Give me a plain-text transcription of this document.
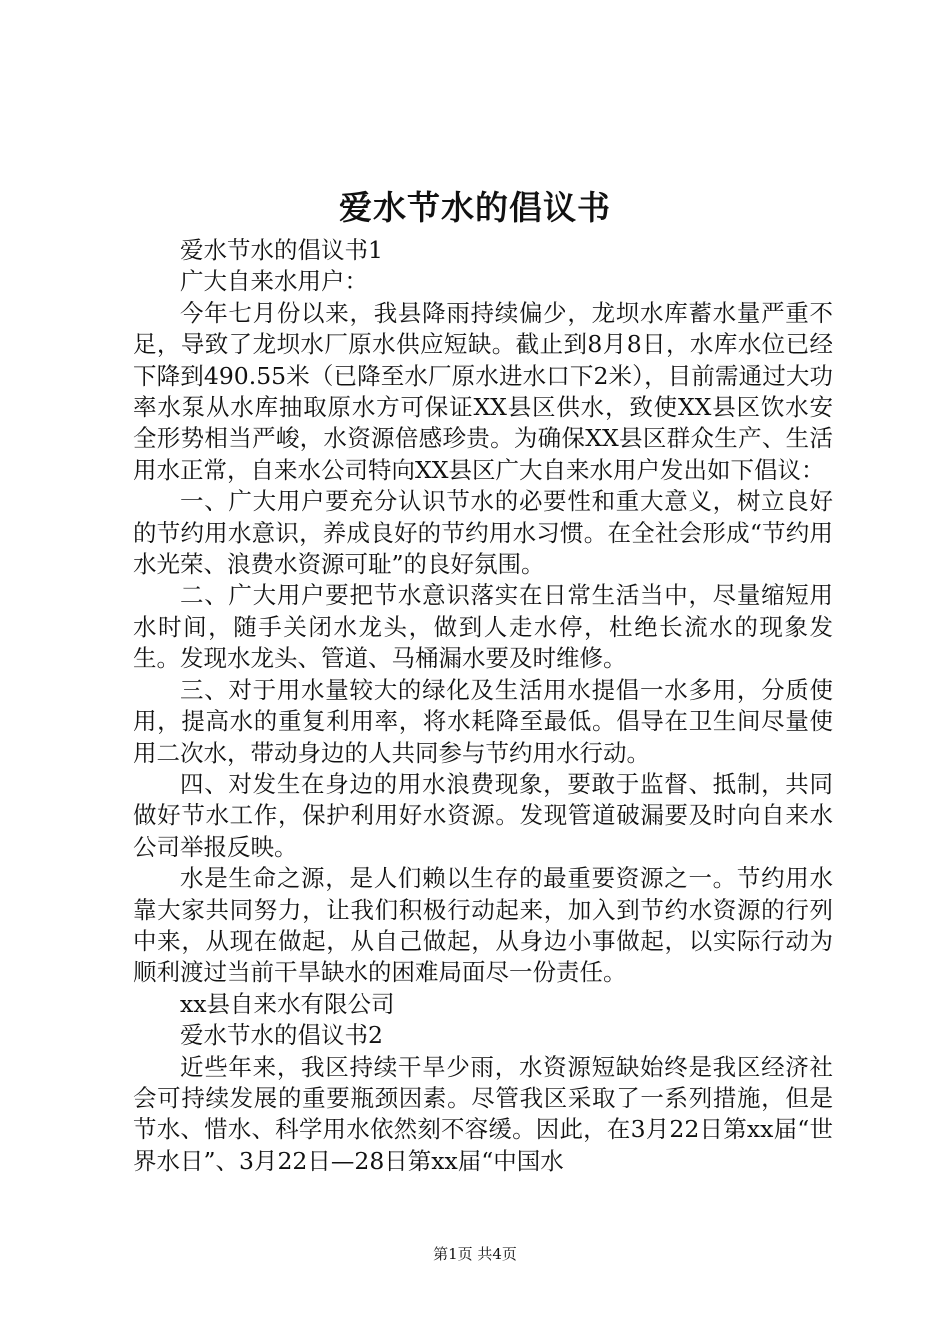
爱水节水的倡议书

爱水节水的倡议书1

广大自来水用户：

今年七月份以来，我县降雨持续偏少，龙坝水库蓄水量严重不足，导致了龙坝水厂原水供应短缺。截止到8月8日，水库水位已经下降到490.55米（已降至水厂原水进水口下2米），目前需通过大功率水泵从水库抽取原水方可保证XX县区供水，致使XX县区饮水安全形势相当严峻，水资源倍感珍贵。为确保XX县区群众生产、生活用水正常，自来水公司特向XX县区广大自来水用户发出如下倡议：

一、广大用户要充分认识节水的必要性和重大意义，树立良好的节约用水意识，养成良好的节约用水习惯。在全社会形成“节约用水光荣、浪费水资源可耻”的良好氛围。

二、广大用户要把节水意识落实在日常生活当中，尽量缩短用水时间，随手关闭水龙头，做到人走水停，杜绝长流水的现象发生。发现水龙头、管道、马桶漏水要及时维修。

三、对于用水量较大的绿化及生活用水提倡一水多用，分质使用，提高水的重复利用率，将水耗降至最低。倡导在卫生间尽量使用二次水，带动身边的人共同参与节约用水行动。

四、对发生在身边的用水浪费现象，要敢于监督、抵制，共同做好节水工作，保护利用好水资源。发现管道破漏要及时向自来水公司举报反映。

水是生命之源，是人们赖以生存的最重要资源之一。节约用水靠大家共同努力，让我们积极行动起来，加入到节约水资源的行列中来，从现在做起，从自己做起，从身边小事做起，以实际行动为顺利渡过当前干旱缺水的困难局面尽一份责任。

xx县自来水有限公司

爱水节水的倡议书2

近些年来，我区持续干旱少雨，水资源短缺始终是我区经济社会可持续发展的重要瓶颈因素。尽管我区采取了一系列措施，但是节水、惜水、科学用水依然刻不容缓。因此，在3月22日第xx届“世界水日”、3月22日—28日第xx届“中国水

第1页 共4页
